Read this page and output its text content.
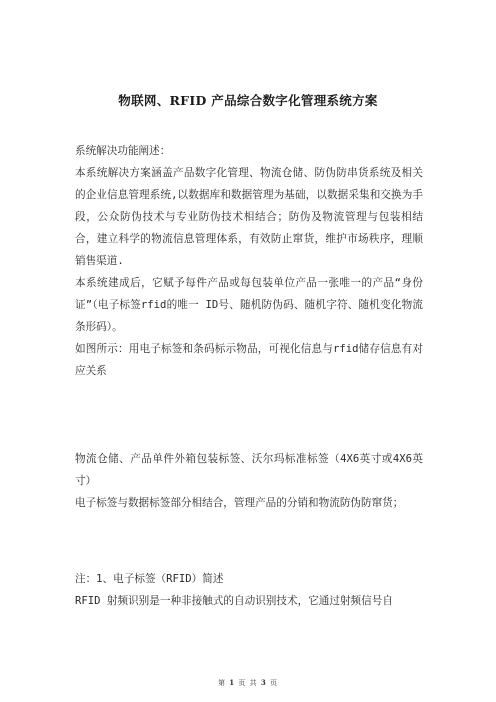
物联网、RFID 产品综合数字化管理系统方案

系统解决功能阐述：

本系统解决方案涵盖产品数字化管理、物流仓储、防伪防串货系统及相关的企业信息管理系统,以数据库和数据管理为基础，以数据采集和交换为手段，公众防伪技术与专业防伪技术相结合；防伪及物流管理与包装相结合，建立科学的物流信息管理体系，有效防止窜货，维护市场秩序，理顺销售渠道.

本系统建成后，它赋予每件产品或每包装单位产品一张唯一的产品“身份证”（电子标签rfid的唯一 ID号、随机防伪码、随机字符、随机变化物流条形码）。

如图所示：用电子标签和条码标示物品，可视化信息与rfid储存信息有对应关系

物流仓储、产品单件外箱包装标签、沃尔玛标准标签（4X6英寸或4X6英寸）

电子标签与数据标签部分相结合，管理产品的分销和物流防伪防窜货；

注：1、电子标签（RFID）简述

RFID 射频识别是一种非接触式的自动识别技术，它通过射频信号自

第 1 页 共 3 页
